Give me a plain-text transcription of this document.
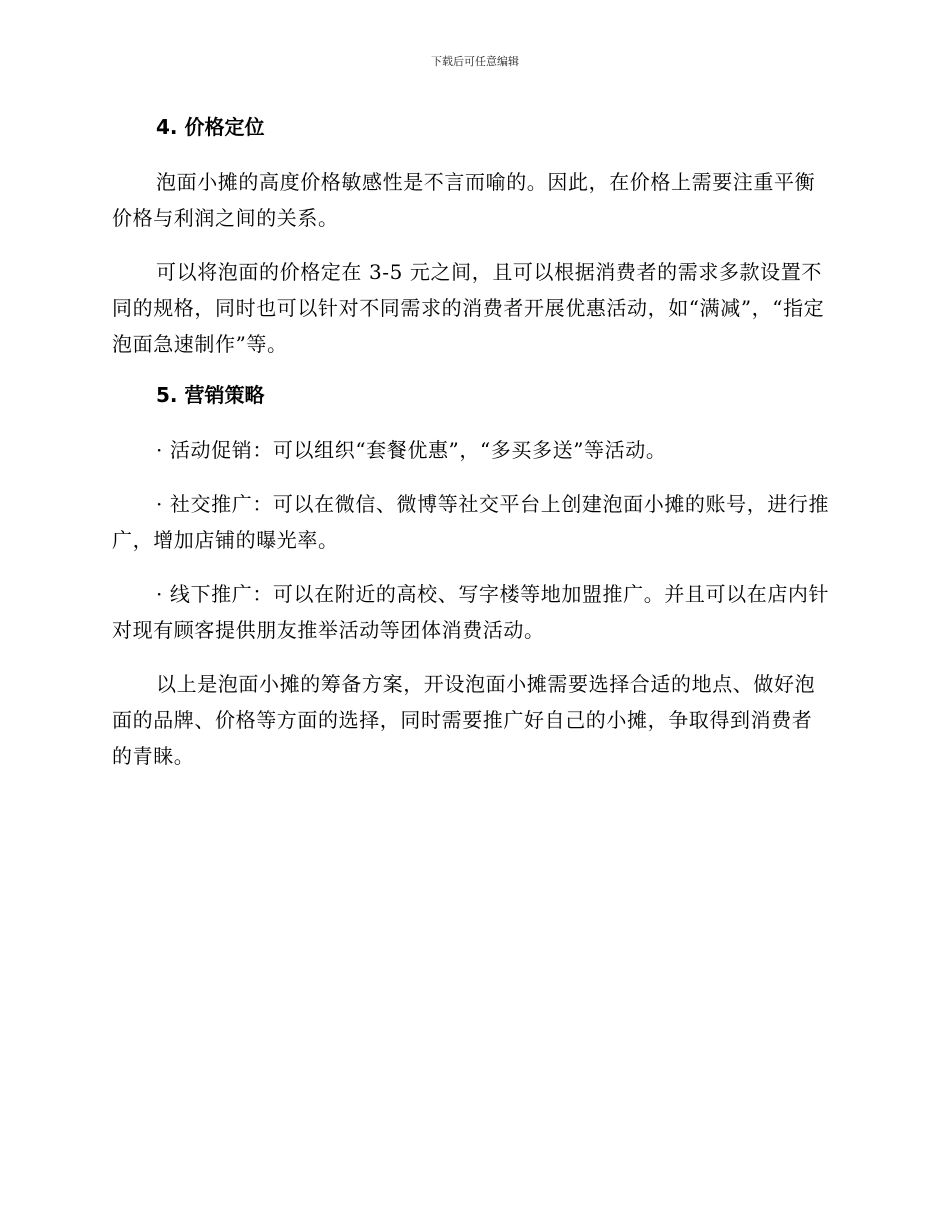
下载后可任意编辑
4. 价格定位

泡面小摊的高度价格敏感性是不言而喻的。因此，在价格上需要注重平衡价格与利润之间的关系。

可以将泡面的价格定在 3-5 元之间，且可以根据消费者的需求多款设置不同的规格，同时也可以针对不同需求的消费者开展优惠活动，如“满减”，“指定泡面急速制作”等。

5. 营销策略

· 活动促销：可以组织“套餐优惠”，“多买多送”等活动。

· 社交推广：可以在微信、微博等社交平台上创建泡面小摊的账号，进行推广，增加店铺的曝光率。

· 线下推广：可以在附近的高校、写字楼等地加盟推广。并且可以在店内针对现有顾客提供朋友推举活动等团体消费活动。

以上是泡面小摊的筹备方案，开设泡面小摊需要选择合适的地点、做好泡面的品牌、价格等方面的选择，同时需要推广好自己的小摊，争取得到消费者的青睐。
